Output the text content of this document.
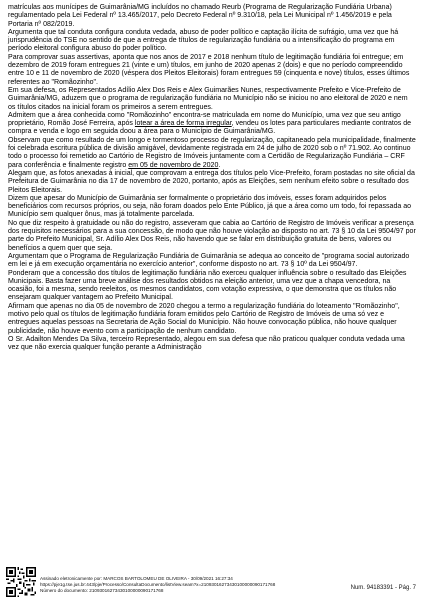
matrículas aos munícipes de Guimarânia/MG incluídos no chamado Reurb (Programa de Regularização Fundiária Urbana) regulamentado pela Lei Federal nº 13.465/2017, pelo Decreto Federal nº 9.310/18, pela Lei Municipal nº 1.456/2019 e pela Portaria nº 082/2019.

Argumenta que tal conduta configura conduta vedada, abuso de poder político e captação ilícita de sufrágio, uma vez que há jurisprudência do TSE no sentido de que a entrega de títulos de regularização fundiária ou a intensificação do programa em período eleitoral configura abuso do poder político.

Para comprovar suas assertivas, aponta que nos anos de 2017 e 2018 nenhum título de legitimação fundiária foi entregue; em dezembro de 2019 foram entregues 21 (vinte e um) títulos, em junho de 2020 apenas 2 (dois) e que no período compreendido entre 10 e 11 de novembro de 2020 (véspera dos Pleitos Eleitorais) foram entregues 59 (cinquenta e nove) títulos, esses últimos referentes ao "Romãozinho".

Em sua defesa, os Representados Adílio Alex Dos Reis e Alex Guimarães Nunes, respectivamente Prefeito e Vice-Prefeito de Guimarânia/MG, aduzem que o programa de regularização fundiária no Município não se iniciou no ano eleitoral de 2020 e nem os títulos citados na inicial foram os primeiros a serem entregues.

Admitem que a área conhecida como "Romãozinho" encontra-se matriculada em nome do Município, uma vez que seu antigo proprietário, Romão José Ferreira, após lotear a área de forma irregular, vendeu os lotes para particulares mediante contratos de compra e venda e logo em seguida doou a área para o Município de Guimarânia/MG.

Observam que como resultado de um longo e tormentoso processo de regularização, capitaneado pela municipalidade, finalmente foi celebrada escritura pública de divisão amigável, devidamente registrada em 24 de julho de 2020 sob o nº 71.902. Ao continuo todo o processo foi remetido ao Cartório de Registro de Imóveis juntamente com a Certidão de Regularização Fundiária – CRF para conferência e finalmente registro em 05 de novembro de 2020.

Alegam que, as fotos anexadas à inicial, que comprovam a entrega dos títulos pelo Vice-Prefeito, foram postadas no site oficial da Prefeitura de Guimarânia no dia 17 de novembro de 2020, portanto, após as Eleições, sem nenhum efeito sobre o resultado dos Pleitos Eleitorais.

Dizem que apesar do Município de Guimarânia ser formalmente o proprietário dos imóveis, esses foram adquiridos pelos beneficiários com recursos próprios, ou seja, não foram doados pelo Ente Público, já que a área como um todo, foi repassada ao Município sem qualquer ônus, mas já totalmente parcelada.

No que diz respeito à gratuidade ou não do registro, asseveram que cabia ao Cartório de Registro de Imóveis verificar a presença dos requisitos necessários para a sua concessão, de modo que não houve violação ao disposto no art. 73 § 10 da Lei 9504/97 por parte do Prefeito Municipal, Sr. Adílio Alex Dos Reis, não havendo que se falar em distribuição gratuita de bens, valores ou benefícios a quem quer que seja.

Argumentam que o Programa de Regularização Fundiária de Guimarânia se adequa ao conceito de "programa social autorizado em lei e já em execução orçamentária no exercício anterior", conforme disposto no art. 73 § 10º da Lei 9504/97.

Ponderam que a concessão dos títulos de legitimação fundiária não exerceu qualquer influência sobre o resultado das Eleições Municipais. Basta fazer uma breve análise dos resultados obtidos na eleição anterior, uma vez que a chapa vencedora, na ocasião, foi a mesma, sendo reeleitos, os mesmos candidatos, com votação expressiva, o que demonstra que os títulos não ensejaram qualquer vantagem ao Prefeito Municipal.

Afirmam que apenas no dia 05 de novembro de 2020 chegou a termo a regularização fundiária do loteamento "Romãozinho", motivo pelo qual os títulos de legitimação fundiária foram emitidos pelo Cartório de Registro de Imóveis de uma só vez e entregues aquelas pessoas na Secretaria de Ação Social do Município. Não houve convocação pública, não houve qualquer publicidade, não houve evento com a participação de nenhum candidato.

O Sr. Adailton Mendes Da Silva, terceiro Representado, alegou em sua defesa que não praticou qualquer conduta vedada uma vez que não exercia qualquer função perante a Administração

Assinado eletronicamente por: MARCOS BARTOLOMEU DE OLIVEIRA - 30/09/2021 16:27:34
https://pje1g.tse.jus.br:443/pje/Processo/ConsultaDocumento/listView.seam?x=21093016273430100000090171768
Número do documento: 21093016273430100000090171768	Num. 94183391 - Pág. 7
